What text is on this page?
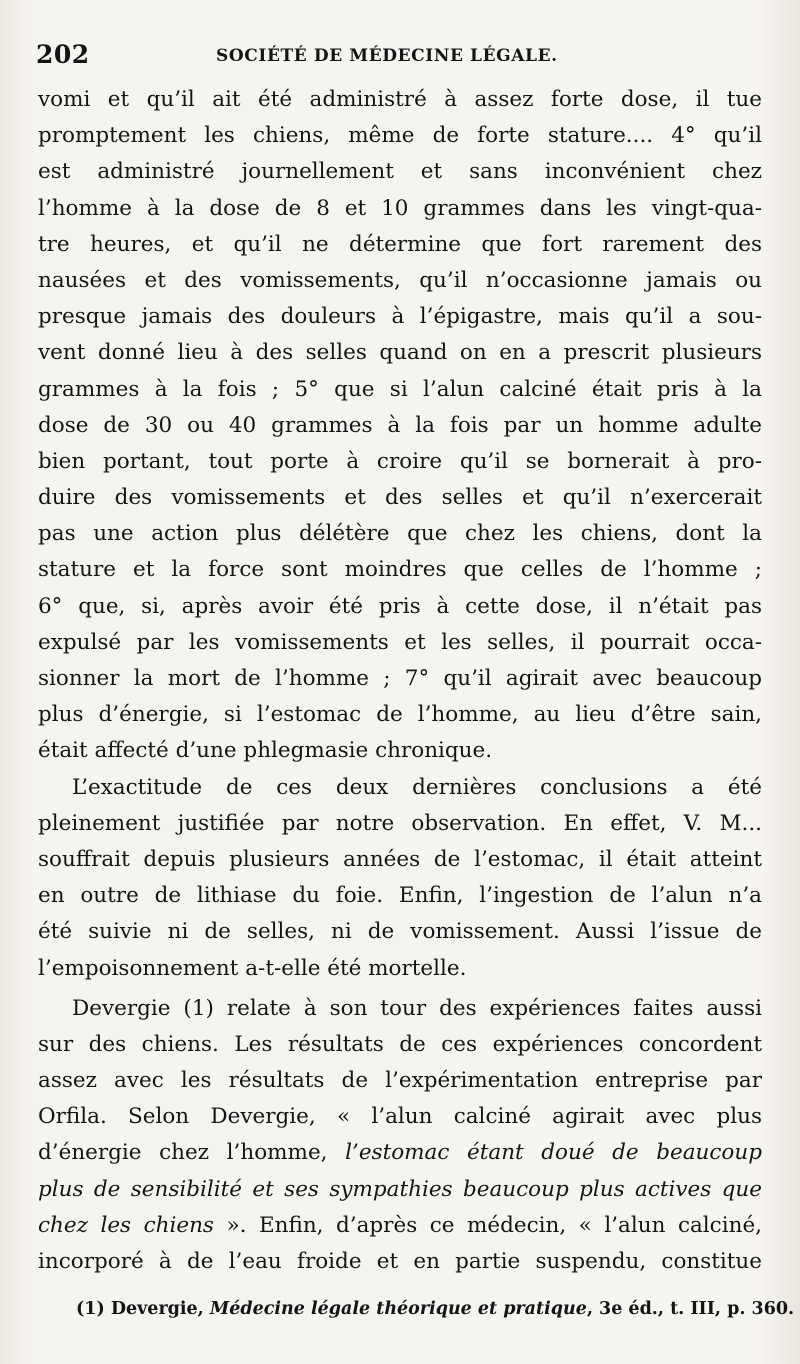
202	SOCIÉTÉ DE MÉDECINE LÉGALE.
vomi et qu’il ait été administré à assez forte dose, il tue
promptement les chiens, même de forte stature.... 4° qu’il
est administré journellement et sans inconvénient chez
l’homme à la dose de 8 et 10 grammes dans les vingt-qua-
tre heures, et qu’il ne détermine que fort rarement des
nausées et des vomissements, qu’il n’occasionne jamais ou
presque jamais des douleurs à l’épigastre, mais qu’il a sou-
vent donné lieu à des selles quand on en a prescrit plusieurs
grammes à la fois ; 5° que si l’alun calciné était pris à la
dose de 30 ou 40 grammes à la fois par un homme adulte
bien portant, tout porte à croire qu’il se bornerait à pro-
duire des vomissements et des selles et qu’il n’exercerait
pas une action plus délétère que chez les chiens, dont la
stature et la force sont moindres que celles de l’homme ;
6° que, si, après avoir été pris à cette dose, il n’était pas
expulsé par les vomissements et les selles, il pourrait occa-
sionner la mort de l’homme ; 7° qu’il agirait avec beaucoup
plus d’énergie, si l’estomac de l’homme, au lieu d’être sain,
était affecté d’une phlegmasie chronique.
L’exactitude de ces deux dernières conclusions a été
pleinement justifiée par notre observation. En effet, V. M...
souffrait depuis plusieurs années de l’estomac, il était atteint
en outre de lithiase du foie. Enfin, l’ingestion de l’alun n’a
été suivie ni de selles, ni de vomissement. Aussi l’issue de
l’empoisonnement a-t-elle été mortelle.
Devergie (1) relate à son tour des expériences faites aussi
sur des chiens. Les résultats de ces expériences concordent
assez avec les résultats de l’expérimentation entreprise par
Orfila. Selon Devergie, « l’alun calciné agirait avec plus
d’énergie chez l’homme, l’estomac étant doué de beaucoup
plus de sensibilité et ses sympathies beaucoup plus actives que
chez les chiens ». Enfin, d’après ce médecin, « l’alun calciné,
incorporé à de l’eau froide et en partie suspendu, constitue
(1) Devergie, Médecine légale théorique et pratique, 3e éd., t. III, p. 360.
